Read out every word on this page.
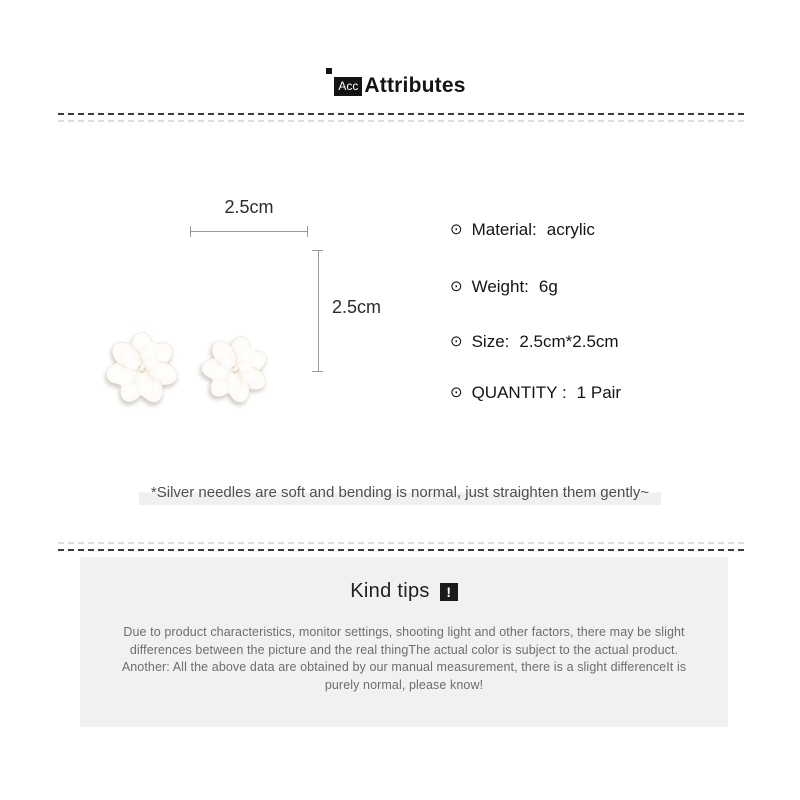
Acc Attributes
2.5cm
2.5cm
⊙ Material: acrylic
⊙ Weight: 6g
⊙ Size: 2.5cm*2.5cm
⊙ QUANTITY : 1 Pair
*Silver needles are soft and bending is normal, just straighten them gently~
Kind tips	!
Due to product characteristics, monitor settings, shooting light and other factors, there may be slight
differences between the picture and the real thingThe actual color is subject to the actual product.
Another: All the above data are obtained by our manual measurement, there is a slight differenceIt is
purely normal, please know!
